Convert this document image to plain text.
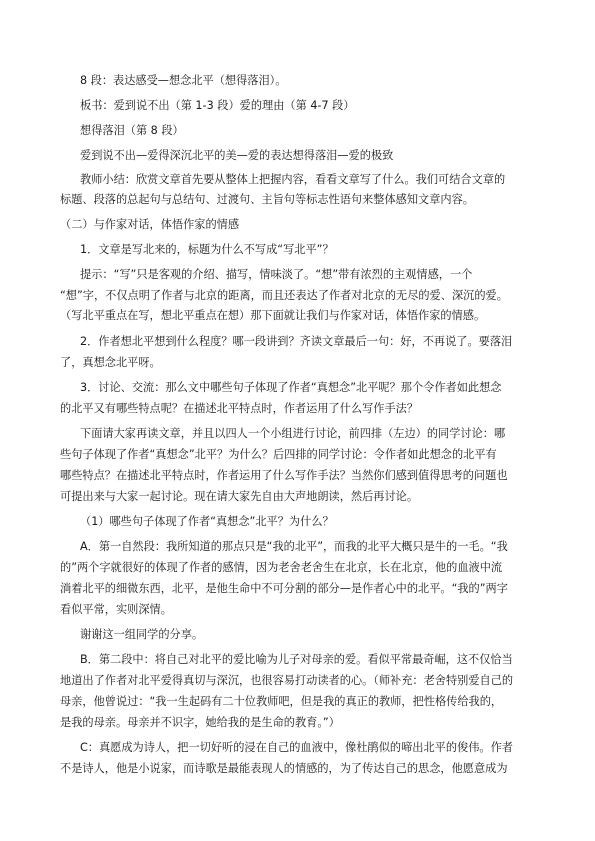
8 段：表达感受—想念北平（想得落泪）。
板书：爱到说不出（第 1-3 段）爱的理由（第 4-7 段）
想得落泪（第 8 段）
爱到说不出—爱得深沉北平的美—爱的表达想得落泪—爱的极致
教师小结：欣赏文章首先要从整体上把握内容，看看文章写了什么。我们可结合文章的
标题、段落的总起句与总结句、过渡句、主旨句等标志性语句来整体感知文章内容。
（二）与作家对话，体悟作家的情感
1．文章是写北来的，标题为什么不写成“写北平”？
提示：“写”只是客观的介绍、描写，情味淡了。“想”带有浓烈的主观情感，一个
“想”字，不仅点明了作者与北京的距离，而且还表达了作者对北京的无尽的爱、深沉的爱。
（写北平重点在写，想北平重点在想）那下面就让我们与作家对话，体悟作家的情感。
2．作者想北平想到什么程度？哪一段讲到？齐读文章最后一句：好，不再说了。要落泪
了，真想念北平呀。
3．讨论、交流：那么文中哪些句子体现了作者“真想念”北平呢？那个令作者如此想念
的北平又有哪些特点呢？在描述北平特点时，作者运用了什么写作手法？
下面请大家再读文章，并且以四人一个小组进行讨论，前四排（左边）的同学讨论：哪
些句子体现了作者“真想念”北平？为什么？后四排的同学讨论：令作者如此想念的北平有
哪些特点？在描述北平特点时，作者运用了什么写作手法？当然你们感到值得思考的问题也
可提出来与大家一起讨论。现在请大家先自由大声地朗读，然后再讨论。
（1）哪些句子体现了作者“真想念”北平？为什么？
A．第一自然段：我所知道的那点只是“我的北平”，而我的北平大概只是牛的一毛。“我
的”两个字就很好的体现了作者的感情，因为老舍老舍生在北京，长在北京，他的血液中流
淌着北平的细微东西，北平，是他生命中不可分割的部分—是作者心中的北平。“我的”两字
看似平常，实则深情。
谢谢这一组同学的分享。
B．第二段中：将自己对北平的爱比喻为儿子对母亲的爱。看似平常最奇崛，这不仅恰当
地道出了作者对北平爱得真切与深沉，也很容易打动读者的心。（师补充：老舍特别爱自己的
母亲，他曾说过：“我一生起码有二十位教师吧，但是我的真正的教师，把性格传给我的，
是我的母亲。母亲并不识字，她给我的是生命的教育。”）
C：真愿成为诗人，把一切好听的浸在自己的血液中，像杜鹃似的啼出北平的俊伟。作者
不是诗人，他是小说家，而诗歌是最能表现人的情感的，为了传达自己的思念，他愿意成为
